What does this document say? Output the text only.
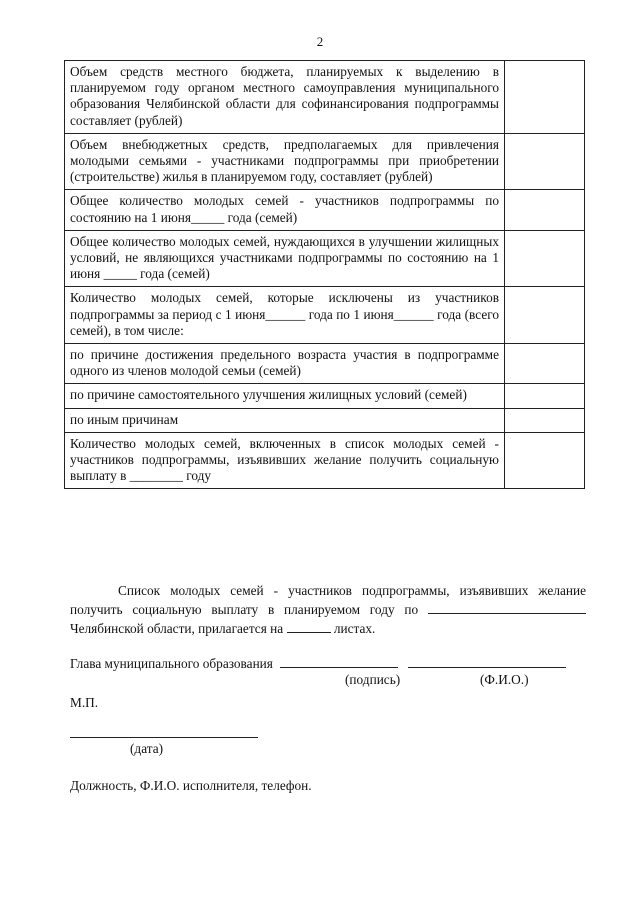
2
Объем средств местного бюджета, планируемых к выделению в планируемом году органом местного самоуправления муниципального образования Челябинской области для софинансирования подпрограммы составляет (рублей)	
Объем внебюджетных средств, предполагаемых для привлечения молодыми семьями - участниками подпрограммы при приобретении (строительстве) жилья в планируемом году, составляет (рублей)	
Общее количество молодых семей - участников подпрограммы по состоянию на 1 июня_____ года (семей)	
Общее количество молодых семей, нуждающихся в улучшении жилищных условий, не являющихся участниками подпрограммы по состоянию на 1 июня _____ года (семей)	
Количество молодых семей, которые исключены из участников подпрограммы за период с 1 июня______ года по 1 июня______ года (всего семей), в том числе:	
по причине достижения предельного возраста участия в подпрограмме одного из членов молодой семьи (семей)	
по причине самостоятельного улучшения жилищных условий (семей)	
по иным причинам	
Количество молодых семей, включенных в список молодых семей - участников подпрограммы, изъявивших желание получить социальную выплату в ________ году	
Список молодых семей - участников подпрограммы, изъявивших желание получить социальную выплату в планируемом году по Челябинской области, прилагается на	листах.
Глава муниципального образования
(подпись)	(Ф.И.О.)
М.П.
(дата)
Должность, Ф.И.О. исполнителя, телефон.
